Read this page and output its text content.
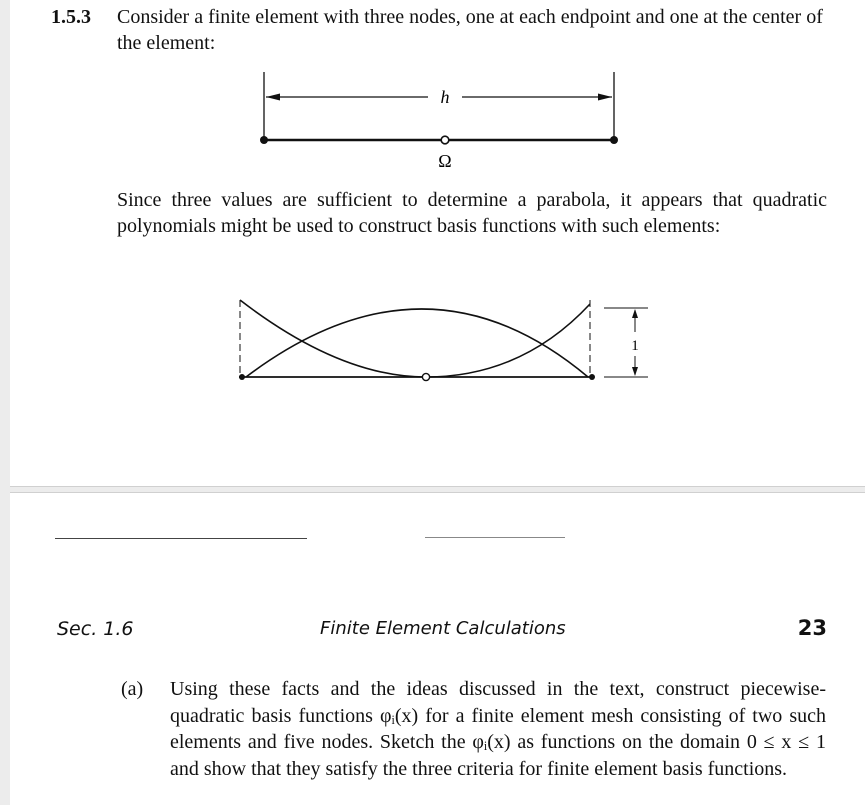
1.5.3 Consider a finite element with three nodes, one at each endpoint and one at the center of the element:
h
Ω
Since three values are sufficient to determine a parabola, it appears that quadratic polynomials might be used to construct basis functions with such elements:
1
Sec. 1.6	Finite Element Calculations	23
(a) Using these facts and the ideas discussed in the text, construct piecewise-quadratic basis functions φᵢ(x) for a finite element mesh consisting of two such elements and five nodes. Sketch the φᵢ(x) as functions on the domain 0 ≤ x ≤ 1 and show that they satisfy the three criteria for finite element basis functions.
